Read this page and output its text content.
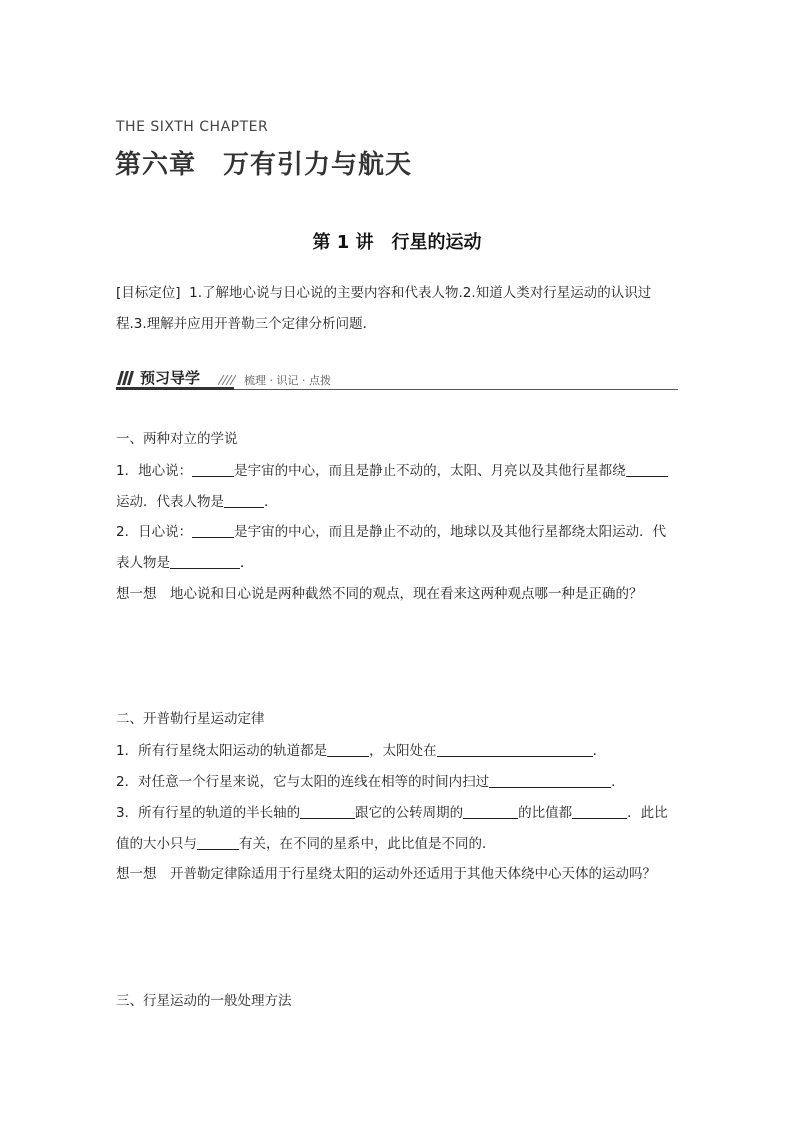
THE SIXTH CHAPTER
第六章　万有引力与航天
第 1 讲　行星的运动
[目标定位] 1.了解地心说与日心说的主要内容和代表人物.2.知道人类对行星运动的认识过
程.3.理解并应用开普勒三个定律分析问题．
预习导学	梳理 · 识记 · 点拨
一、两种对立的学说
1．地心说：	是宇宙的中心，而且是静止不动的，太阳、月亮以及其他行星都绕
运动．代表人物是	．
2．日心说：	是宇宙的中心，而且是静止不动的，地球以及其他行星都绕太阳运动．代
表人物是	．
想一想　地心说和日心说是两种截然不同的观点，现在看来这两种观点哪一种是正确的？
二、开普勒行星运动定律
1．所有行星绕太阳运动的轨道都是	，太阳处在	．
2．对任意一个行星来说，它与太阳的连线在相等的时间内扫过	．
3．所有行星的轨道的半长轴的	跟它的公转周期的	的比值都	．此比
值的大小只与	有关，在不同的星系中，此比值是不同的．
想一想　开普勒定律除适用于行星绕太阳的运动外还适用于其他天体绕中心天体的运动吗？
三、行星运动的一般处理方法
